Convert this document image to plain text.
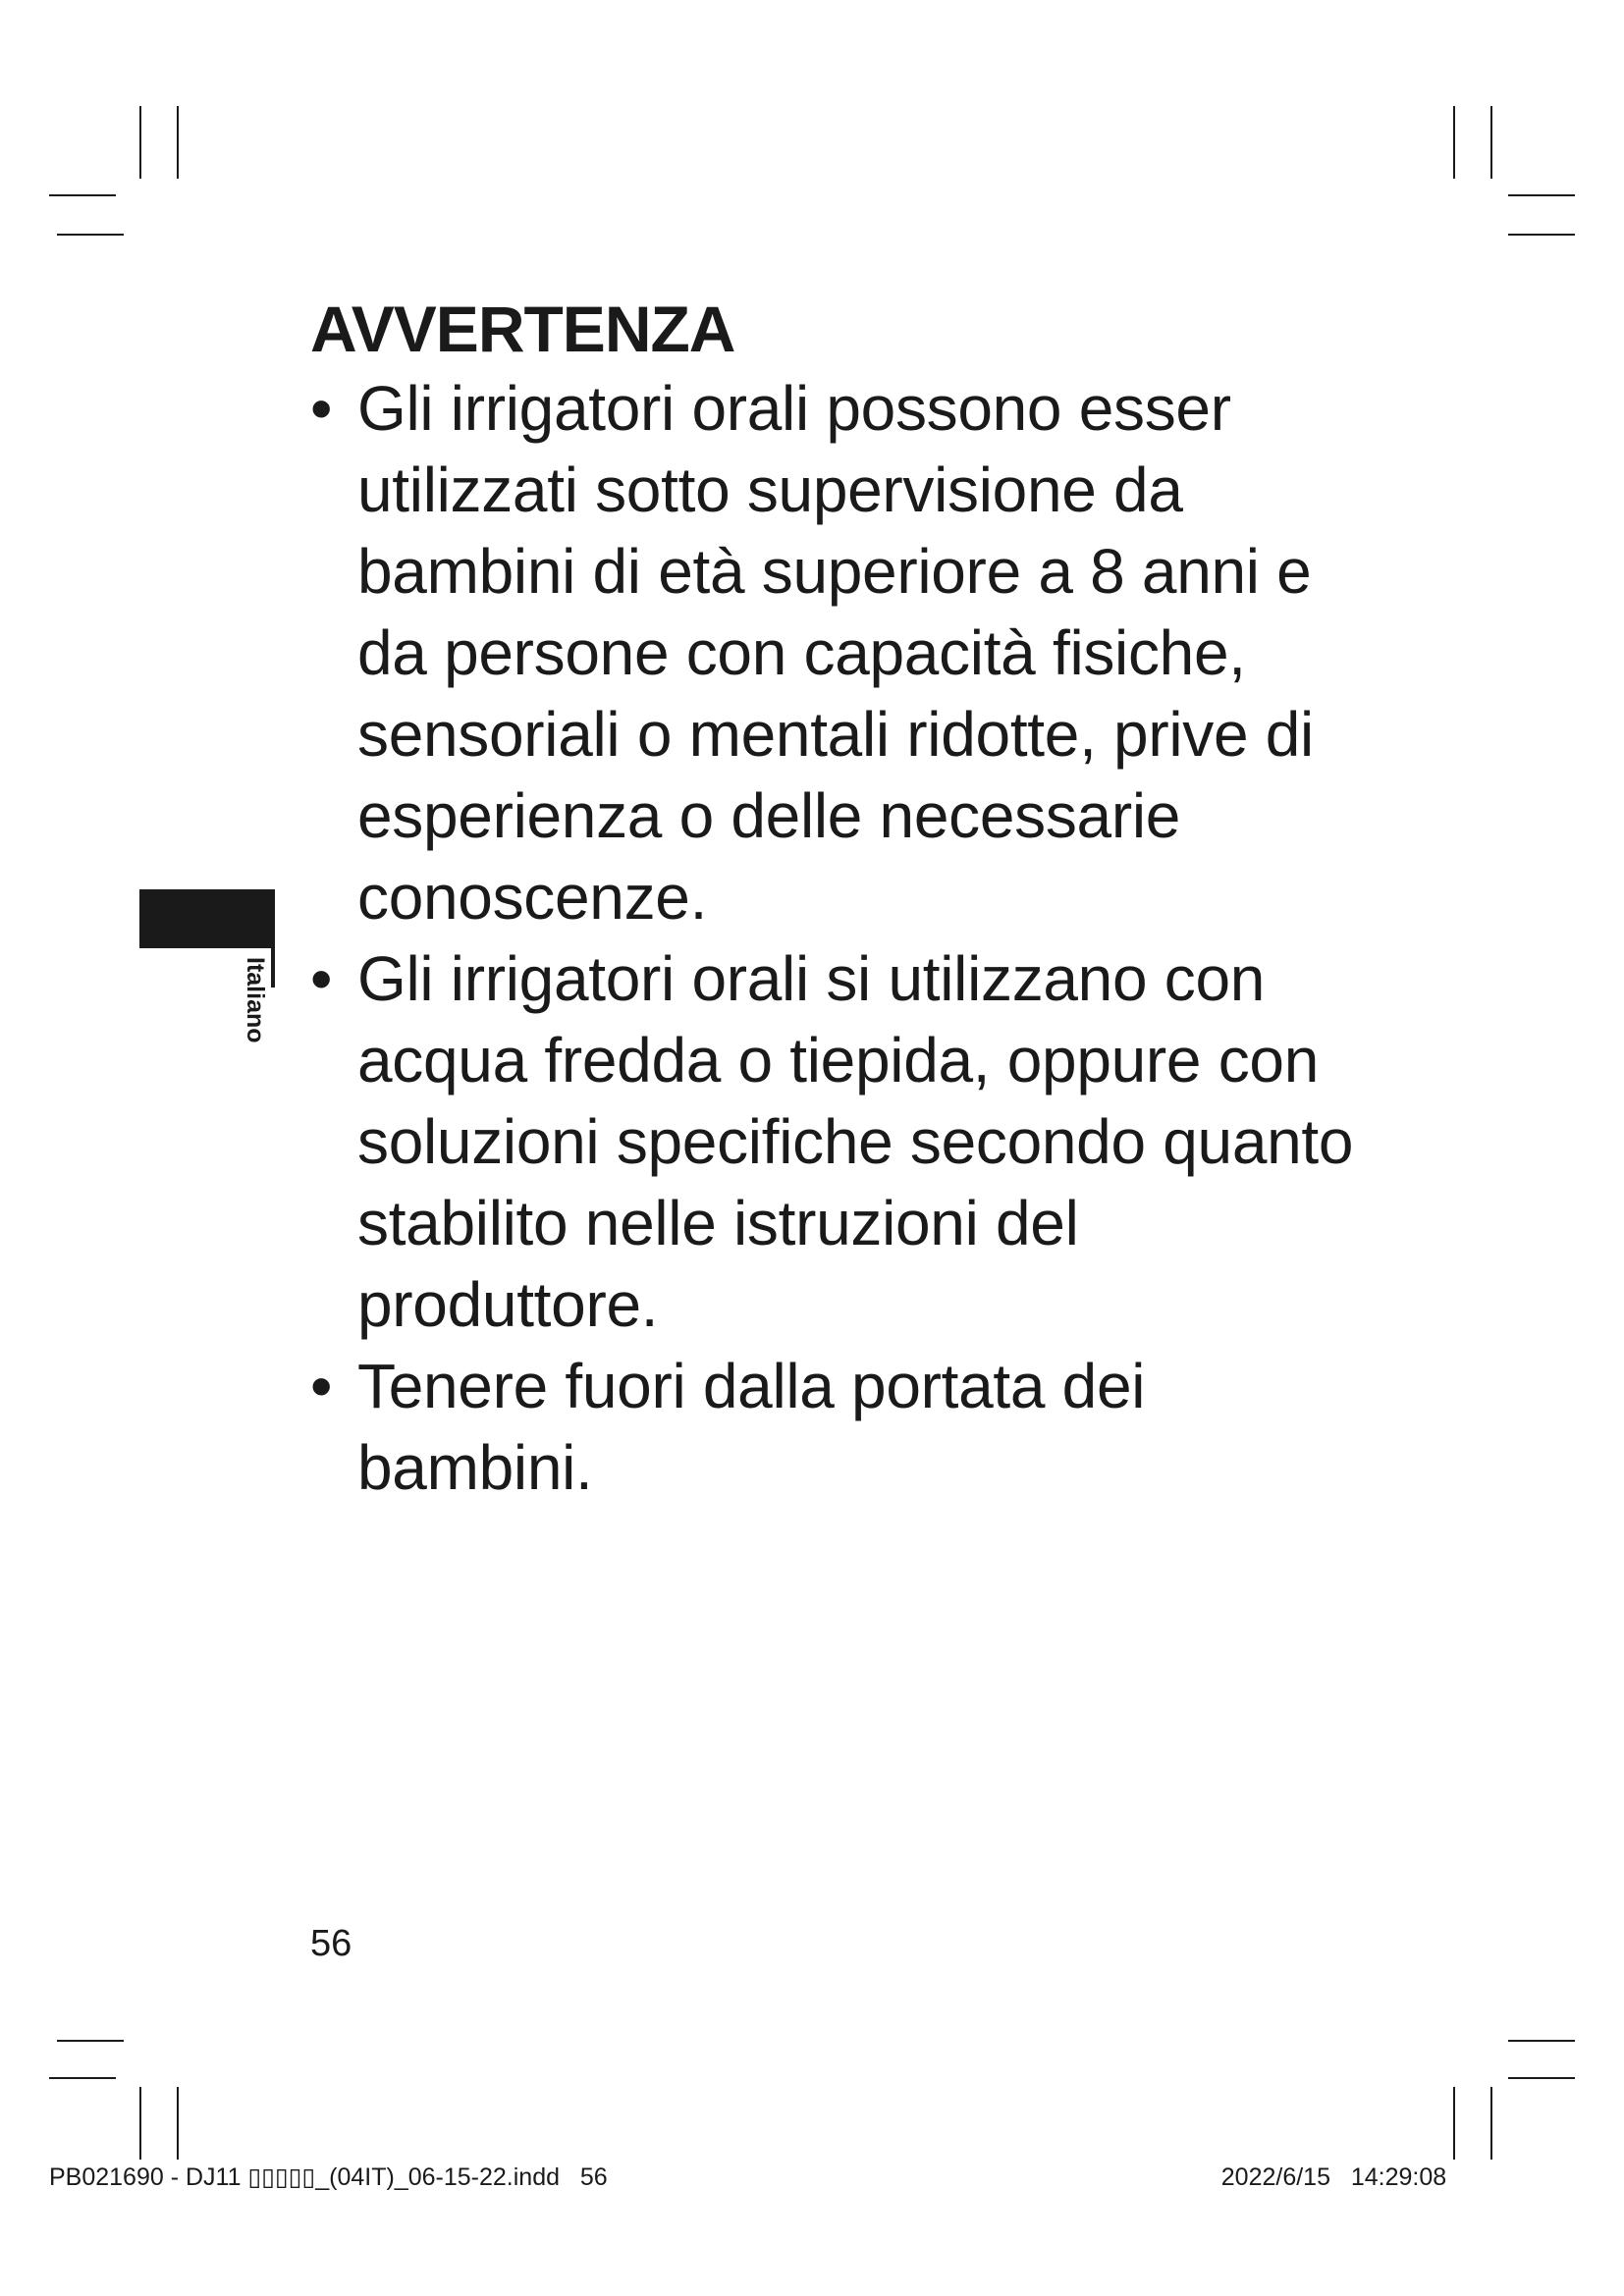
Italiano
AVVERTENZA
• Gli irrigatori orali possono esser utilizzati sotto supervisione da bambini di età superiore a 8 anni e da persone con capacità fisiche, sensoriali o mentali ridotte, prive di esperienza o delle necessarie conoscenze.
• Gli irrigatori orali si utilizzano con acqua fredda o tiepida, oppure con soluzioni specifiche secondo quanto stabilito nelle istruzioni del produttore.
• Tenere fuori dalla portata dei bambini.
56
PB021690 - DJ11 ▯▯▯▯▯_(04IT)_06-15-22.indd   56                                                                                          2022/6/15   14:29:08
